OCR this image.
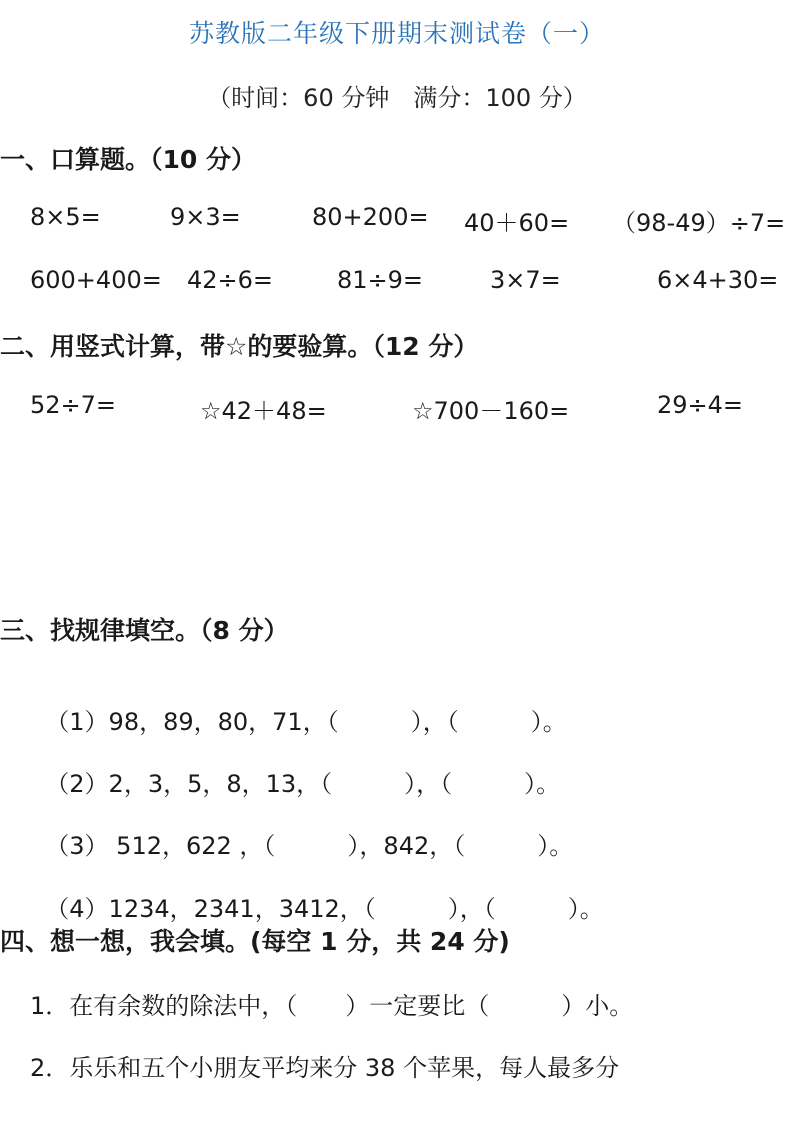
苏教版二年级下册期末测试卷（一）
（时间：60 分钟　满分：100 分）
一、口算题。（10 分）
8×5=	9×3=	80+200= 40＋60= （98-49）÷7=
600+400= 42÷6=	81÷9=	3×7=	6×4+30=
二、用竖式计算，带☆的要验算。（12 分）
52÷7=	☆42＋48=	☆700－160=	29÷4=
三、找规律填空。（8 分）

（1）98，89，80，71，（　　　），（　　　）。

（2）2，3，5，8，13，（　　　），（　　　）。

（3） 512，622 ，（　　　），842，（　　　）。

（4）1234，2341，3412，（　　　），（　　　）。

四、想一想，我会填。(每空 1 分，共 24 分)
1．在有余数的除法中，（　　）一定要比（　　　）小。
2．乐乐和五个小朋友平均来分 38 个苹果，每人最多分
